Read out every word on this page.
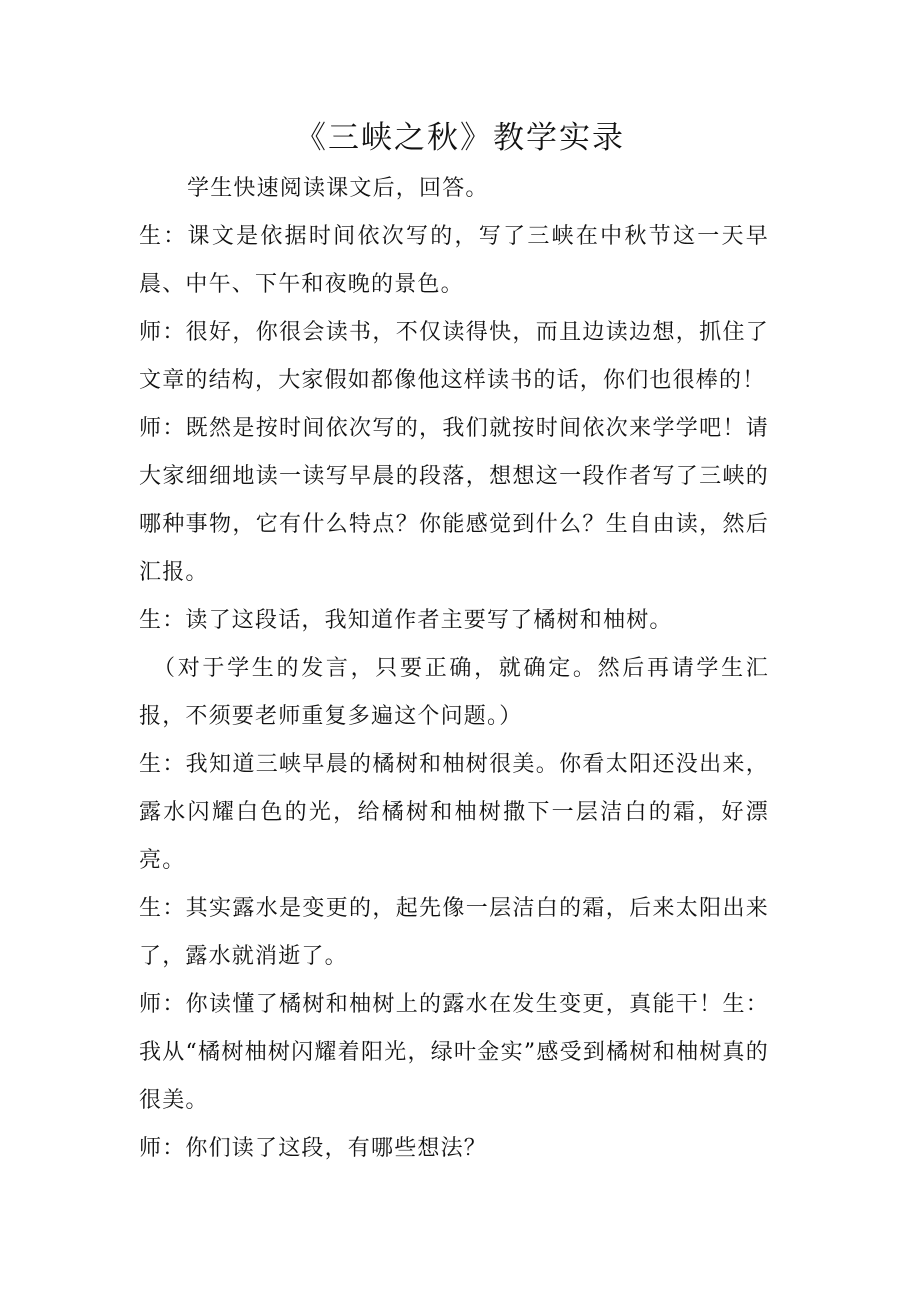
《三峡之秋》教学实录

学生快速阅读课文后，回答。

生：课文是依据时间依次写的，写了三峡在中秋节这一天早晨、中午、下午和夜晚的景色。

师：很好，你很会读书，不仅读得快，而且边读边想，抓住了文章的结构，大家假如都像他这样读书的话，你们也很棒的！

师：既然是按时间依次写的，我们就按时间依次来学学吧！请大家细细地读一读写早晨的段落，想想这一段作者写了三峡的哪种事物，它有什么特点？你能感觉到什么？生自由读，然后汇报。

生：读了这段话，我知道作者主要写了橘树和柚树。

（对于学生的发言，只要正确，就确定。然后再请学生汇报，不须要老师重复多遍这个问题。）

生：我知道三峡早晨的橘树和柚树很美。你看太阳还没出来，露水闪耀白色的光，给橘树和柚树撒下一层洁白的霜，好漂亮。

生：其实露水是变更的，起先像一层洁白的霜，后来太阳出来了，露水就消逝了。

师：你读懂了橘树和柚树上的露水在发生变更，真能干！生：我从“橘树柚树闪耀着阳光，绿叶金实”感受到橘树和柚树真的很美。

师：你们读了这段，有哪些想法？
